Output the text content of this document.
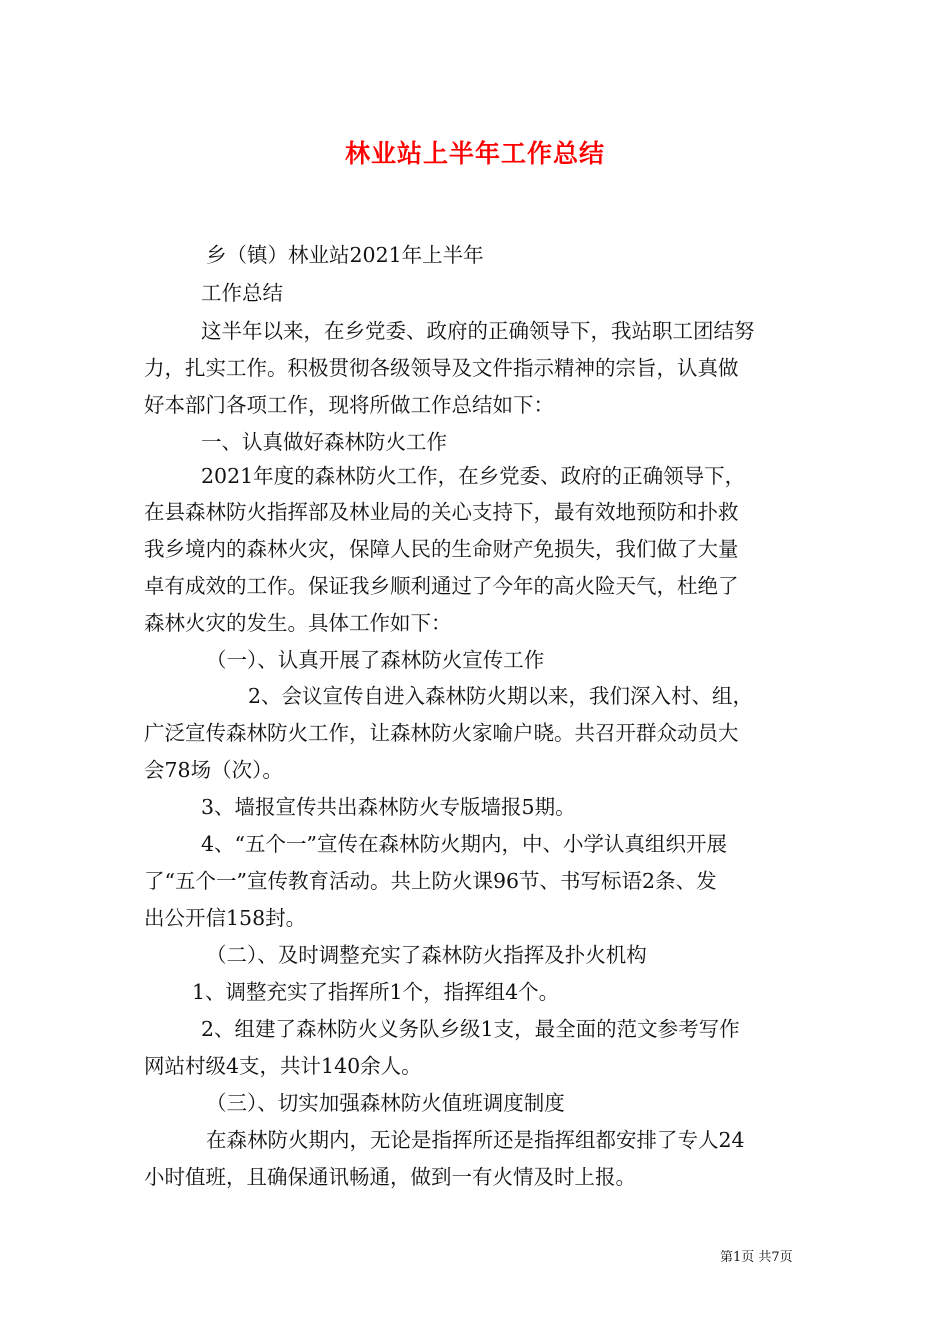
林业站上半年工作总结
乡（镇）林业站2021年上半年
工作总结
这半年以来，在乡党委、政府的正确领导下，我站职工团结努
力，扎实工作。积极贯彻各级领导及文件指示精神的宗旨，认真做
好本部门各项工作，现将所做工作总结如下：
一、认真做好森林防火工作
2021年度的森林防火工作，在乡党委、政府的正确领导下，
在县森林防火指挥部及林业局的关心支持下，最有效地预防和扑救
我乡境内的森林火灾，保障人民的生命财产免损失，我们做了大量
卓有成效的工作。保证我乡顺利通过了今年的高火险天气，杜绝了
森林火灾的发生。具体工作如下：
（一）、认真开展了森林防火宣传工作
2、会议宣传自进入森林防火期以来，我们深入村、组，
广泛宣传森林防火工作，让森林防火家喻户晓。共召开群众动员大
会78场（次）。
3、墙报宣传共出森林防火专版墙报5期。
4、“五个一”宣传在森林防火期内，中、小学认真组织开展
了“五个一”宣传教育活动。共上防火课96节、书写标语2条、发
出公开信158封。
（二）、及时调整充实了森林防火指挥及扑火机构
1、调整充实了指挥所1个，指挥组4个。
2、组建了森林防火义务队乡级1支，最全面的范文参考写作
网站村级4支，共计140余人。
（三）、切实加强森林防火值班调度制度
在森林防火期内，无论是指挥所还是指挥组都安排了专人24
小时值班，且确保通讯畅通，做到一有火情及时上报。
第1页 共7页
